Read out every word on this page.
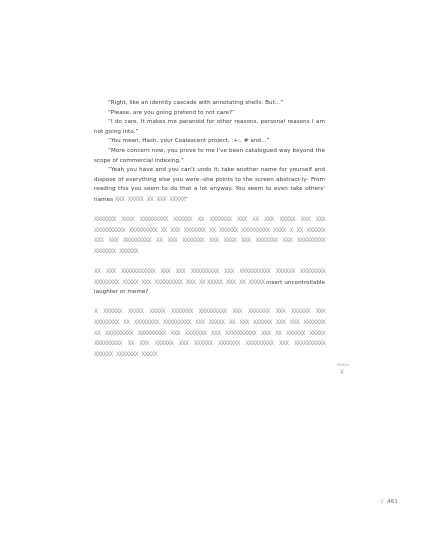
“Right, like an identity cascade with annotating shells. But...”

“Please, are you going pretend to not care?”

“I do care. It makes me paranoid for other reasons, personal reasons I am not going into.”

“You mean, Hash, your Coalescent project, :+:, # and...”

“More concern now, you prove to me I've been catalogued way beyond the scope of commercial indexing.”

“Yeah you have and you can't undo it; take another name for yourself and dispose of everything else you were.-she points to the screen abstract-ly- From reading this you seem to do that a lot anyway. You seem to even take others' names XXX XXXXX XX XXX XXXXX”

XXXXXXX XXXX XXXXXXXXX XXXXXX XX XXXXXXX XXX XX XXX XXXXX XXX XXX XXXXXXXXXX XXXXXXXXX XX XXX XXXXXXX XX XXXXXX XXXXXXXXX XXXX X XX XXXXXX XXX XXX XXXXXXXXX XX XXX XXXXXXX XXX XXXX XXX XXXXXXX XXX XXXXXXXXX XXXXXXX XXXXXX

XX XXX XXXXXXXXXXX XXX XXX XXXXXXXXX XXX XXXXXXXXXX XXXXXX XXXXXXXX XXXXXXXX XXXXX XXX XXXXXXXXX XXX XX XXXXX XXX XX XXXXX insert uncontrollable laughter or meme?

X XXXXXX XXXXX XXXXX XXXXXXX XXXXXXXXX XXX XXXXXXX XXX XXXXXX XXX XXXXXXXX XX XXXXXXXX XXXXXXXXX XXX XXXXX XX XXX XXXXXX XXX XXX XXXXXXX XX XXXXXXXXX XXXXXXXXX XXX XXXXXXX XXX XXXXXXXXXX XXX XX XXXXXX XXXXX XXXXXXXXX XX XXX XXXXXX XXX XXXXXX XXXXXXX XXXXXXXXX XXX XXXXXXXXXX XXXXXX XXXXXXX XXXXX

XXXXX
X
/ 461
